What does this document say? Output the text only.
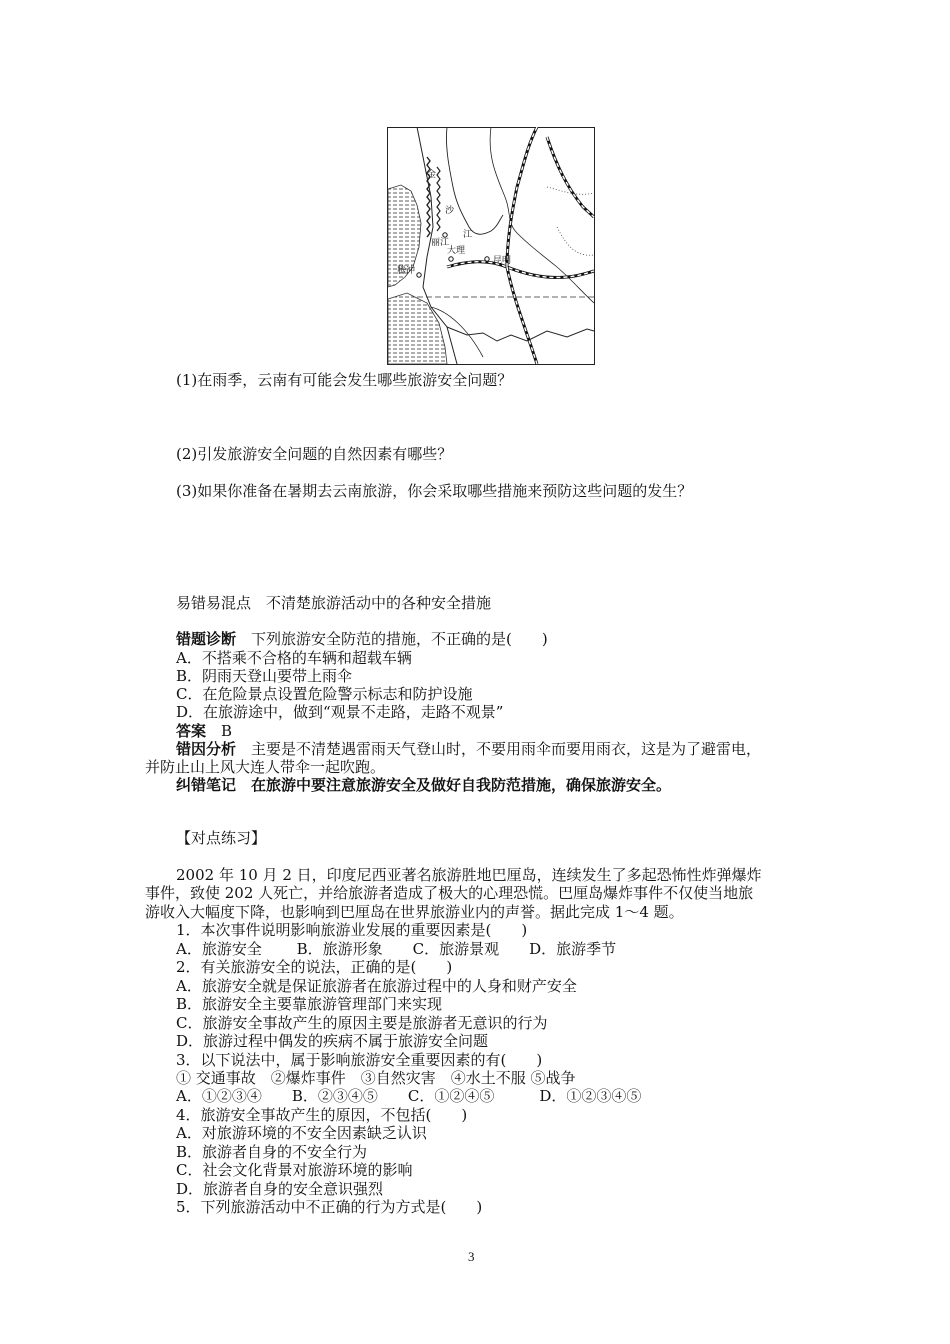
金
沙
丽江
江
大理
昆明
腾冲
(1)在雨季，云南有可能会发生哪些旅游安全问题？
(2)引发旅游安全问题的自然因素有哪些？
(3)如果你准备在暑期去云南旅游，你会采取哪些措施来预防这些问题的发生？
易错易混点　不清楚旅游活动中的各种安全措施
错题诊断　下列旅游安全防范的措施，不正确的是(　　)
A．不搭乘不合格的车辆和超载车辆
B．阴雨天登山要带上雨伞
C．在危险景点设置危险警示标志和防护设施
D．在旅游途中，做到“观景不走路，走路不观景”
答案　B
错因分析　主要是不清楚遇雷雨天气登山时，不要用雨伞而要用雨衣，这是为了避雷电，
并防止山上风大连人带伞一起吹跑。
纠错笔记　在旅游中要注意旅游安全及做好自我防范措施，确保旅游安全。
【对点练习】
2002 年 10 月 2 日，印度尼西亚著名旅游胜地巴厘岛，连续发生了多起恐怖性炸弹爆炸
事件，致使 202 人死亡，并给旅游者造成了极大的心理恐慌。巴厘岛爆炸事件不仅使当地旅
游收入大幅度下降，也影响到巴厘岛在世界旅游业内的声誉。据此完成 1～4 题。
1．本次事件说明影响旅游业发展的重要因素是(　　)
A．旅游安全　　 B．旅游形象　　C．旅游景观　　D．旅游季节
2．有关旅游安全的说法，正确的是(　　)
A．旅游安全就是保证旅游者在旅游过程中的人身和财产安全
B．旅游安全主要靠旅游管理部门来实现
C．旅游安全事故产生的原因主要是旅游者无意识的行为
D．旅游过程中偶发的疾病不属于旅游安全问题
3．以下说法中，属于影响旅游安全重要因素的有(　　)
① 交通事故　②爆炸事件　③自然灾害　④水土不服 ⑤战争
A．①②③④　　B．②③④⑤　　C．①②④⑤　　　D．①②③④⑤
4．旅游安全事故产生的原因，不包括(　　)
A．对旅游环境的不安全因素缺乏认识
B．旅游者自身的不安全行为
C．社会文化背景对旅游环境的影响
D．旅游者自身的安全意识强烈
5．下列旅游活动中不正确的行为方式是(　　)
3
